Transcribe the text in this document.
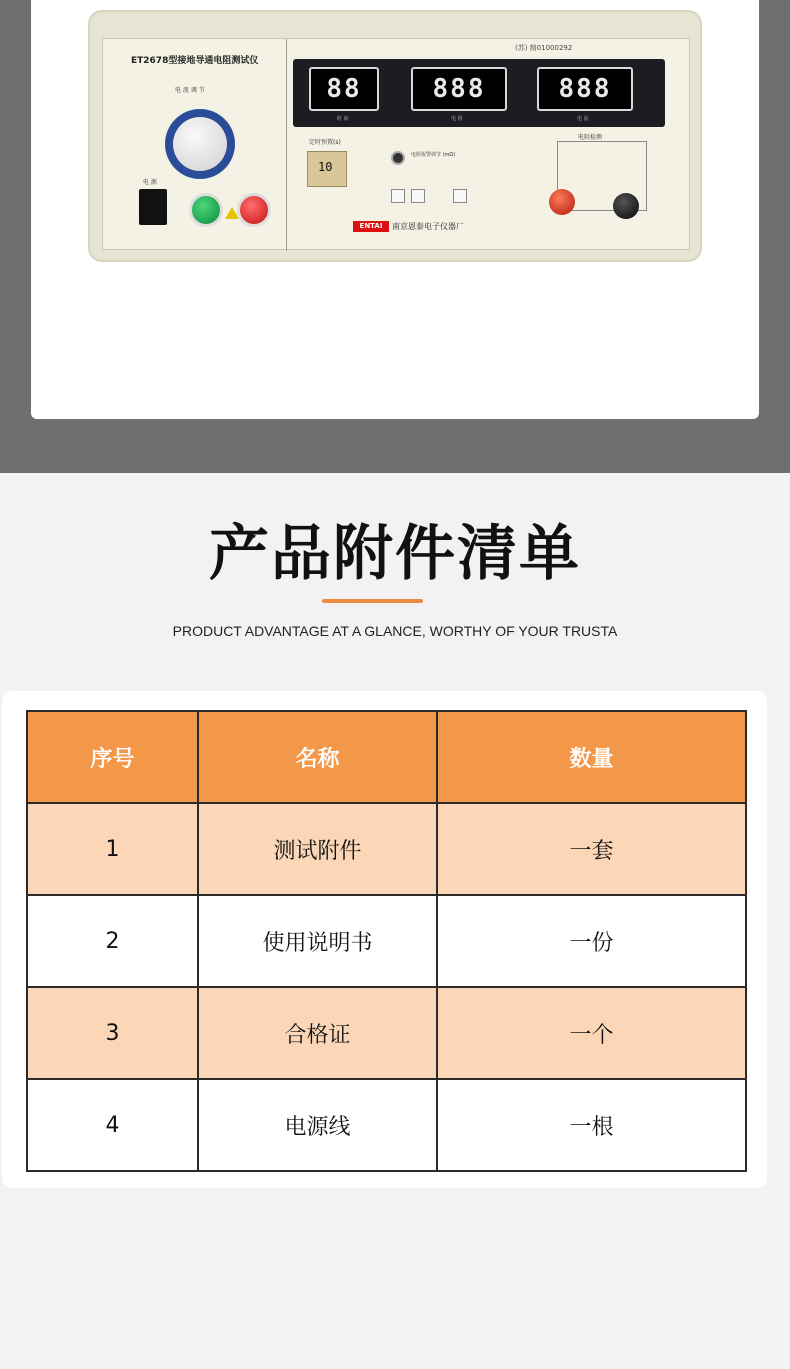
ET2678型接地导通电阻测试仪
电 流 调 节
电 源
(苏) 制01000292
88
时 间
888
电 阻
888
电 流
定时预置(s)
10
电阻报警调节 (mΩ)
ENTAI	南京恩泰电子仪器厂
电阻检测
产品附件清单
PRODUCT ADVANTAGE AT A GLANCE, WORTHY OF YOUR TRUSTA
序号	名称	数量
1	测试附件	一套
2	使用说明书	一份
3	合格证	一个
4	电源线	一根
